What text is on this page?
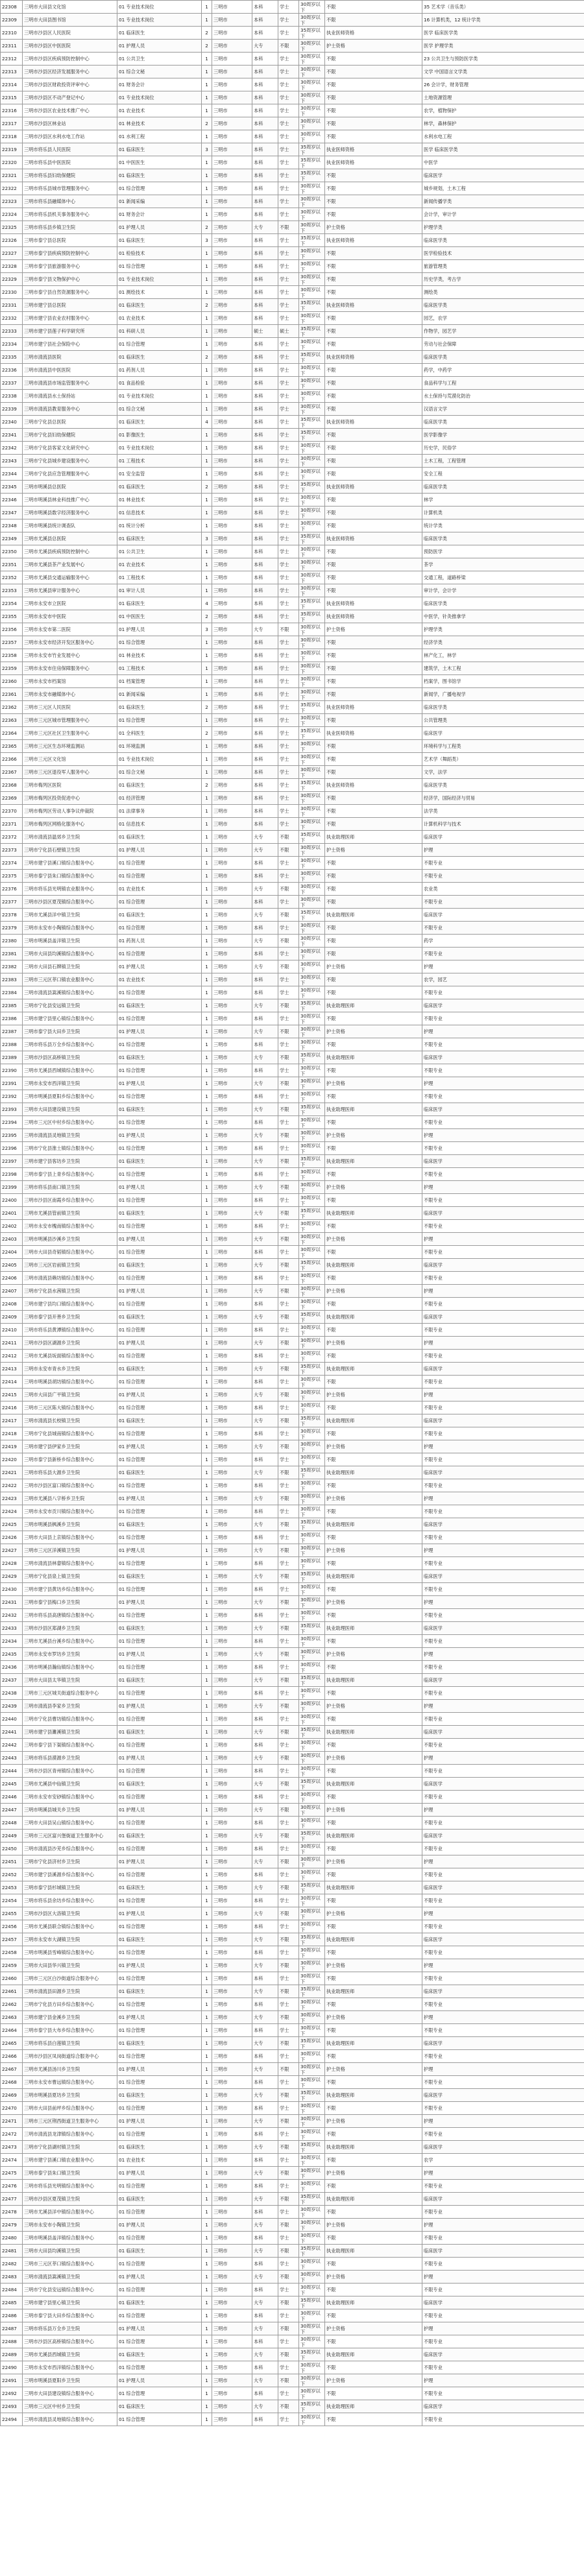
22308	三明市大田县文化馆	01 专业技术岗位	1	三明市	本科	学士	30周岁以下	不限	35 艺术学（音乐类）
22309	三明市大田县图书馆	01 专业技术岗位	1	三明市	本科	学士	30周岁以下	不限	16 计算机类，12 统计学类
22310	三明市沙县区人民医院	01 临床医生	2	三明市	本科	学士	35周岁以下	执业医师资格	医学 临床医学类
22311	三明市沙县区中医医院	01 护理人员	2	三明市	大专	不限	30周岁以下	护士资格	医学 护理学类
22312	三明市沙县区疾病预防控制中心	01 公共卫生	1	三明市	本科	学士	30周岁以下	不限	23 公共卫生与预防医学类
22313	三明市沙县区经济发展服务中心	01 综合文秘	1	三明市	本科	学士	30周岁以下	不限	文学 中国语言文学类
22314	三明市沙县区财政投资评审中心	01 财务会计	1	三明市	本科	学士	30周岁以下	不限	26 会计学，财务管理
22315	三明市沙县区不动产登记中心	01 专业技术岗位	1	三明市	本科	学士	30周岁以下	不限	土地资源管理
22316	三明市沙县区农业技术推广中心	01 农业技术	1	三明市	本科	学士	30周岁以下	不限	农学，植物保护
22317	三明市沙县区林业站	01 林业技术	2	三明市	本科	学士	30周岁以下	不限	林学，森林保护
22318	三明市沙县区水利水电工作站	01 水利工程	1	三明市	本科	学士	30周岁以下	不限	水利水电工程
22319	三明市将乐县人民医院	01 临床医生	3	三明市	本科	学士	35周岁以下	执业医师资格	医学 临床医学类
22320	三明市将乐县中医医院	01 中医医生	1	三明市	本科	学士	35周岁以下	执业医师资格	中医学
22321	三明市将乐县妇幼保健院	01 临床医生	1	三明市	本科	学士	35周岁以下	不限	临床医学
22322	三明市将乐县城市管理服务中心	01 综合管理	1	三明市	本科	学士	30周岁以下	不限	城乡规划，土木工程
22323	三明市将乐县融媒体中心	01 新闻采编	1	三明市	本科	学士	30周岁以下	不限	新闻传播学类
22324	三明市将乐县机关事务服务中心	01 财务会计	1	三明市	本科	学士	30周岁以下	不限	会计学，审计学
22325	三明市将乐县乡镇卫生院	01 护理人员	2	三明市	大专	不限	30周岁以下	护士资格	护理学类
22326	三明市泰宁县总医院	01 临床医生	3	三明市	本科	学士	35周岁以下	执业医师资格	临床医学类
22327	三明市泰宁县疾病预防控制中心	01 检验技术	1	三明市	本科	学士	30周岁以下	不限	医学检验技术
22328	三明市泰宁县旅游服务中心	01 综合管理	1	三明市	本科	学士	30周岁以下	不限	旅游管理类
22329	三明市泰宁县文物保护中心	01 专业技术岗位	1	三明市	本科	学士	30周岁以下	不限	历史学类，考古学
22330	三明市泰宁县自然资源服务中心	01 测绘技术	1	三明市	本科	学士	30周岁以下	不限	测绘类
22331	三明市建宁县总医院	01 临床医生	2	三明市	本科	学士	35周岁以下	执业医师资格	临床医学类
22332	三明市建宁县农业农村服务中心	01 农业技术	1	三明市	本科	学士	30周岁以下	不限	园艺，农学
22333	三明市建宁县莲子科学研究所	01 科研人员	1	三明市	硕士	硕士	35周岁以下	不限	作物学，园艺学
22334	三明市建宁县社会保险中心	01 综合管理	1	三明市	本科	学士	30周岁以下	不限	劳动与社会保障
22335	三明市清流县医院	01 临床医生	2	三明市	本科	学士	35周岁以下	执业医师资格	临床医学类
22336	三明市清流县中医医院	01 药剂人员	1	三明市	本科	学士	30周岁以下	不限	药学，中药学
22337	三明市清流县市场监管服务中心	01 食品检验	1	三明市	本科	学士	30周岁以下	不限	食品科学与工程
22338	三明市清流县水土保持站	01 专业技术岗位	1	三明市	本科	学士	30周岁以下	不限	水土保持与荒漠化防治
22339	三明市清流县教育服务中心	01 综合文秘	1	三明市	本科	学士	30周岁以下	不限	汉语言文学
22340	三明市宁化县总医院	01 临床医生	4	三明市	本科	学士	35周岁以下	执业医师资格	临床医学类
22341	三明市宁化县妇幼保健院	01 影像医生	1	三明市	本科	学士	35周岁以下	不限	医学影像学
22342	三明市宁化县客家文化研究中心	01 专业技术岗位	1	三明市	本科	学士	30周岁以下	不限	历史学，民俗学
22343	三明市宁化县城乡建设服务中心	01 工程技术	1	三明市	本科	学士	30周岁以下	不限	土木工程，工程管理
22344	三明市宁化县应急管理服务中心	01 安全监管	1	三明市	本科	学士	30周岁以下	不限	安全工程
22345	三明市明溪县总医院	01 临床医生	2	三明市	本科	学士	35周岁以下	执业医师资格	临床医学类
22346	三明市明溪县林业科技推广中心	01 林业技术	1	三明市	本科	学士	30周岁以下	不限	林学
22347	三明市明溪县数字经济服务中心	01 信息技术	1	三明市	本科	学士	30周岁以下	不限	计算机类
22348	三明市明溪县统计调查队	01 统计分析	1	三明市	本科	学士	30周岁以下	不限	统计学类
22349	三明市尤溪县总医院	01 临床医生	3	三明市	本科	学士	35周岁以下	执业医师资格	临床医学类
22350	三明市尤溪县疾病预防控制中心	01 公共卫生	1	三明市	本科	学士	30周岁以下	不限	预防医学
22351	三明市尤溪县茶产业发展中心	01 农业技术	1	三明市	本科	学士	30周岁以下	不限	茶学
22352	三明市尤溪县交通运输服务中心	01 工程技术	1	三明市	本科	学士	30周岁以下	不限	交通工程，道路桥梁
22353	三明市尤溪县审计服务中心	01 审计人员	1	三明市	本科	学士	30周岁以下	不限	审计学，会计学
22354	三明市永安市立医院	01 临床医生	4	三明市	本科	学士	35周岁以下	执业医师资格	临床医学类
22355	三明市永安市中医院	01 中医医生	2	三明市	本科	学士	35周岁以下	执业医师资格	中医学，针灸推拿学
22356	三明市永安市第二医院	01 护理人员	3	三明市	大专	不限	30周岁以下	护士资格	护理学类
22357	三明市永安市经济开发区服务中心	01 综合管理	1	三明市	本科	学士	30周岁以下	不限	经济学类
22358	三明市永安市竹业发展中心	01 林业技术	1	三明市	本科	学士	30周岁以下	不限	林产化工，林学
22359	三明市永安市住房保障服务中心	01 工程技术	1	三明市	本科	学士	30周岁以下	不限	建筑学，土木工程
22360	三明市永安市档案馆	01 档案管理	1	三明市	本科	学士	30周岁以下	不限	档案学，图书馆学
22361	三明市永安市融媒体中心	01 新闻采编	1	三明市	本科	学士	30周岁以下	不限	新闻学，广播电视学
22362	三明市三元区人民医院	01 临床医生	2	三明市	本科	学士	35周岁以下	执业医师资格	临床医学类
22363	三明市三元区城市管理服务中心	01 综合管理	1	三明市	本科	学士	30周岁以下	不限	公共管理类
22364	三明市三元区社区卫生服务中心	01 全科医生	2	三明市	本科	学士	35周岁以下	执业医师资格	临床医学
22365	三明市三元区生态环境监测站	01 环境监测	1	三明市	本科	学士	30周岁以下	不限	环境科学与工程类
22366	三明市三元区文化馆	01 专业技术岗位	1	三明市	本科	学士	30周岁以下	不限	艺术学（舞蹈类）
22367	三明市三元区退役军人服务中心	01 综合文秘	1	三明市	本科	学士	30周岁以下	不限	文学，法学
22368	三明市梅列区医院	01 临床医生	2	三明市	本科	学士	35周岁以下	执业医师资格	临床医学类
22369	三明市梅列区投资促进中心	01 经济管理	1	三明市	本科	学士	30周岁以下	不限	经济学，国际经济与贸易
22370	三明市梅列区劳动人事争议仲裁院	01 法律事务	1	三明市	本科	学士	30周岁以下	不限	法学类
22371	三明市梅列区网格化服务中心	01 信息技术	1	三明市	本科	学士	30周岁以下	不限	计算机科学与技术
22372	三明市清流县温郊乡卫生院	01 临床医生	1	三明市	大专	不限	35周岁以下	执业助理医师	临床医学
22373	三明市宁化县石壁镇卫生院	01 护理人员	1	三明市	大专	不限	30周岁以下	护士资格	护理
22374	三明市建宁县溪口镇综合服务中心	01 综合管理	1	三明市	本科	学士	30周岁以下	不限	不限专业
22375	三明市泰宁县朱口镇综合服务中心	01 综合管理	1	三明市	本科	学士	30周岁以下	不限	不限专业
22376	三明市将乐县光明镇农业服务中心	01 农业技术	1	三明市	大专	不限	30周岁以下	不限	农业类
22377	三明市沙县区夏茂镇综合服务中心	01 综合管理	1	三明市	本科	学士	30周岁以下	不限	不限专业
22378	三明市尤溪县洋中镇卫生院	01 临床医生	1	三明市	大专	不限	35周岁以下	执业助理医师	临床医学
22379	三明市永安市小陶镇综合服务中心	01 综合管理	1	三明市	本科	学士	30周岁以下	不限	不限专业
22380	三明市明溪县盖洋镇卫生院	01 药剂人员	1	三明市	大专	不限	30周岁以下	不限	药学
22381	三明市大田县均溪镇综合服务中心	01 综合管理	1	三明市	本科	学士	30周岁以下	不限	不限专业
22382	三明市大田县石牌镇卫生院	01 护理人员	1	三明市	大专	不限	30周岁以下	护士资格	护理
22383	三明市三元区莘口镇农业服务中心	01 农业技术	1	三明市	本科	学士	30周岁以下	不限	农学，园艺
22384	三明市清流县嵩溪镇综合服务中心	01 综合管理	1	三明市	本科	学士	30周岁以下	不限	不限专业
22385	三明市宁化县安远镇卫生院	01 临床医生	1	三明市	大专	不限	35周岁以下	执业助理医师	临床医学
22386	三明市建宁县里心镇综合服务中心	01 综合管理	1	三明市	本科	学士	30周岁以下	不限	不限专业
22387	三明市泰宁县大田乡卫生院	01 护理人员	1	三明市	大专	不限	30周岁以下	护士资格	护理
22388	三明市将乐县万全乡综合服务中心	01 综合管理	1	三明市	本科	学士	30周岁以下	不限	不限专业
22389	三明市沙县区高桥镇卫生院	01 临床医生	1	三明市	大专	不限	35周岁以下	执业助理医师	临床医学
22390	三明市尤溪县西城镇综合服务中心	01 综合管理	1	三明市	本科	学士	30周岁以下	不限	不限专业
22391	三明市永安市西洋镇卫生院	01 护理人员	1	三明市	大专	不限	30周岁以下	护士资格	护理
22392	三明市明溪县夏阳乡综合服务中心	01 综合管理	1	三明市	本科	学士	30周岁以下	不限	不限专业
22393	三明市大田县建设镇卫生院	01 临床医生	1	三明市	大专	不限	35周岁以下	执业助理医师	临床医学
22394	三明市三元区中村乡综合服务中心	01 综合管理	1	三明市	本科	学士	30周岁以下	不限	不限专业
22395	三明市清流县灵地镇卫生院	01 护理人员	1	三明市	大专	不限	30周岁以下	护士资格	护理
22396	三明市宁化县淮土镇综合服务中心	01 综合管理	1	三明市	本科	学士	30周岁以下	不限	不限专业
22397	三明市建宁县客坊乡卫生院	01 临床医生	1	三明市	大专	不限	35周岁以下	执业助理医师	临床医学
22398	三明市泰宁县上青乡综合服务中心	01 综合管理	1	三明市	本科	学士	30周岁以下	不限	不限专业
22399	三明市将乐县南口镇卫生院	01 护理人员	1	三明市	大专	不限	30周岁以下	护士资格	护理
22400	三明市沙县区南霞乡综合服务中心	01 综合管理	1	三明市	本科	学士	30周岁以下	不限	不限专业
22401	三明市尤溪县管前镇卫生院	01 临床医生	1	三明市	大专	不限	35周岁以下	执业助理医师	临床医学
22402	三明市永安市槐南镇综合服务中心	01 综合管理	1	三明市	本科	学士	30周岁以下	不限	不限专业
22403	三明市明溪县沙溪乡卫生院	01 护理人员	1	三明市	大专	不限	30周岁以下	护士资格	护理
22404	三明市大田县奇韬镇综合服务中心	01 综合管理	1	三明市	本科	学士	30周岁以下	不限	不限专业
22405	三明市三元区岩前镇卫生院	01 临床医生	1	三明市	大专	不限	35周岁以下	执业助理医师	临床医学
22406	三明市清流县赖坊镇综合服务中心	01 综合管理	1	三明市	本科	学士	30周岁以下	不限	不限专业
22407	三明市宁化县水茜镇卫生院	01 护理人员	1	三明市	大专	不限	30周岁以下	护士资格	护理
22408	三明市建宁县均口镇综合服务中心	01 综合管理	1	三明市	本科	学士	30周岁以下	不限	不限专业
22409	三明市泰宁县开善乡卫生院	01 临床医生	1	三明市	大专	不限	35周岁以下	执业助理医师	临床医学
22410	三明市将乐县黄潭镇综合服务中心	01 综合管理	1	三明市	本科	学士	30周岁以下	不限	不限专业
22411	三明市沙县区湖源乡卫生院	01 护理人员	1	三明市	大专	不限	30周岁以下	护士资格	护理
22412	三明市尤溪县坂面镇综合服务中心	01 综合管理	1	三明市	本科	学士	30周岁以下	不限	不限专业
22413	三明市永安市青水乡卫生院	01 临床医生	1	三明市	大专	不限	35周岁以下	执业助理医师	临床医学
22414	三明市明溪县胡坊镇综合服务中心	01 综合管理	1	三明市	本科	学士	30周岁以下	不限	不限专业
22415	三明市大田县广平镇卫生院	01 护理人员	1	三明市	大专	不限	30周岁以下	护士资格	护理
22416	三明市三元区陈大镇综合服务中心	01 综合管理	1	三明市	本科	学士	30周岁以下	不限	不限专业
22417	三明市清流县长校镇卫生院	01 临床医生	1	三明市	大专	不限	35周岁以下	执业助理医师	临床医学
22418	三明市宁化县城南镇综合服务中心	01 综合管理	1	三明市	本科	学士	30周岁以下	不限	不限专业
22419	三明市建宁县伊家乡卫生院	01 护理人员	1	三明市	大专	不限	30周岁以下	护士资格	护理
22420	三明市泰宁县新桥乡综合服务中心	01 综合管理	1	三明市	本科	学士	30周岁以下	不限	不限专业
22421	三明市将乐县大源乡卫生院	01 临床医生	1	三明市	大专	不限	35周岁以下	执业助理医师	临床医学
22422	三明市沙县区富口镇综合服务中心	01 综合管理	1	三明市	本科	学士	30周岁以下	不限	不限专业
22423	三明市尤溪县八字桥乡卫生院	01 护理人员	1	三明市	大专	不限	30周岁以下	护士资格	护理
22424	三明市永安市贡川镇综合服务中心	01 综合管理	1	三明市	本科	学士	30周岁以下	不限	不限专业
22425	三明市明溪县枫溪乡卫生院	01 临床医生	1	三明市	大专	不限	35周岁以下	执业助理医师	临床医学
22426	三明市大田县上京镇综合服务中心	01 综合管理	1	三明市	本科	学士	30周岁以下	不限	不限专业
22427	三明市三元区洋溪镇卫生院	01 护理人员	1	三明市	大专	不限	30周岁以下	护士资格	护理
22428	三明市清流县林畲镇综合服务中心	01 综合管理	1	三明市	本科	学士	30周岁以下	不限	不限专业
22429	三明市宁化县泉上镇卫生院	01 临床医生	1	三明市	大专	不限	35周岁以下	执业助理医师	临床医学
22430	三明市建宁县黄坊乡综合服务中心	01 综合管理	1	三明市	本科	学士	30周岁以下	不限	不限专业
22431	三明市泰宁县梅口乡卫生院	01 护理人员	1	三明市	大专	不限	30周岁以下	护士资格	护理
22432	三明市将乐县高唐镇综合服务中心	01 综合管理	1	三明市	本科	学士	30周岁以下	不限	不限专业
22433	三明市沙县区郑湖乡卫生院	01 临床医生	1	三明市	大专	不限	35周岁以下	执业助理医师	临床医学
22434	三明市尤溪县台溪乡综合服务中心	01 综合管理	1	三明市	本科	学士	30周岁以下	不限	不限专业
22435	三明市永安市罗坊乡卫生院	01 护理人员	1	三明市	大专	不限	30周岁以下	护士资格	护理
22436	三明市明溪县瀚仙镇综合服务中心	01 综合管理	1	三明市	本科	学士	30周岁以下	不限	不限专业
22437	三明市大田县太华镇卫生院	01 临床医生	1	三明市	大专	不限	35周岁以下	执业助理医师	临床医学
22438	三明市三元区城关街道综合服务中心	01 综合管理	1	三明市	本科	学士	30周岁以下	不限	不限专业
22439	三明市清流县李家乡卫生院	01 护理人员	1	三明市	大专	不限	30周岁以下	护士资格	护理
22440	三明市宁化县曹坊镇综合服务中心	01 综合管理	1	三明市	本科	学士	30周岁以下	不限	不限专业
22441	三明市建宁县濉溪镇卫生院	01 临床医生	1	三明市	大专	不限	35周岁以下	执业助理医师	临床医学
22442	三明市泰宁县下渠镇综合服务中心	01 综合管理	1	三明市	本科	学士	30周岁以下	不限	不限专业
22443	三明市将乐县漠源乡卫生院	01 护理人员	1	三明市	大专	不限	30周岁以下	护士资格	护理
22444	三明市沙县区青州镇综合服务中心	01 综合管理	1	三明市	本科	学士	30周岁以下	不限	不限专业
22445	三明市尤溪县中仙镇卫生院	01 临床医生	1	三明市	大专	不限	35周岁以下	执业助理医师	临床医学
22446	三明市永安市安砂镇综合服务中心	01 综合管理	1	三明市	本科	学士	30周岁以下	不限	不限专业
22447	三明市明溪县城关乡卫生院	01 护理人员	1	三明市	大专	不限	30周岁以下	护士资格	护理
22448	三明市大田县吴山镇综合服务中心	01 综合管理	1	三明市	本科	学士	30周岁以下	不限	不限专业
22449	三明市三元区富兴堡街道卫生服务中心	01 临床医生	1	三明市	大专	不限	35周岁以下	执业助理医师	临床医学
22450	三明市清流县沙芜乡综合服务中心	01 综合管理	1	三明市	本科	学士	30周岁以下	不限	不限专业
22451	三明市宁化县济村乡卫生院	01 护理人员	1	三明市	大专	不限	30周岁以下	护士资格	护理
22452	三明市建宁县溪源乡综合服务中心	01 综合管理	1	三明市	本科	学士	30周岁以下	不限	不限专业
22453	三明市泰宁县杉城镇卫生院	01 临床医生	1	三明市	大专	不限	35周岁以下	执业助理医师	临床医学
22454	三明市将乐县余坊乡综合服务中心	01 综合管理	1	三明市	本科	学士	30周岁以下	不限	不限专业
22455	三明市沙县区大洛镇卫生院	01 护理人员	1	三明市	大专	不限	30周岁以下	护士资格	护理
22456	三明市尤溪县联合镇综合服务中心	01 综合管理	1	三明市	本科	学士	30周岁以下	不限	不限专业
22457	三明市永安市大湖镇卫生院	01 临床医生	1	三明市	大专	不限	35周岁以下	执业助理医师	临床医学
22458	三明市明溪县雪峰镇综合服务中心	01 综合管理	1	三明市	本科	学士	30周岁以下	不限	不限专业
22459	三明市大田县华兴镇卫生院	01 护理人员	1	三明市	大专	不限	30周岁以下	护士资格	护理
22460	三明市三元区白沙街道综合服务中心	01 综合管理	1	三明市	本科	学士	30周岁以下	不限	不限专业
22461	三明市清流县田源乡卫生院	01 临床医生	1	三明市	大专	不限	35周岁以下	执业助理医师	临床医学
22462	三明市宁化县方田乡综合服务中心	01 综合管理	1	三明市	本科	学士	30周岁以下	不限	不限专业
22463	三明市建宁县金溪乡卫生院	01 护理人员	1	三明市	大专	不限	30周岁以下	护士资格	护理
22464	三明市泰宁县大布乡综合服务中心	01 综合管理	1	三明市	本科	学士	30周岁以下	不限	不限专业
22465	三明市将乐县白莲镇卫生院	01 临床医生	1	三明市	大专	不限	35周岁以下	执业助理医师	临床医学
22466	三明市沙县区凤岗街道综合服务中心	01 综合管理	1	三明市	本科	学士	30周岁以下	不限	不限专业
22467	三明市尤溪县汤川乡卫生院	01 护理人员	1	三明市	大专	不限	30周岁以下	护士资格	护理
22468	三明市永安市曹远镇综合服务中心	01 综合管理	1	三明市	本科	学士	30周岁以下	不限	不限专业
22469	三明市明溪县夏坊乡卫生院	01 临床医生	1	三明市	大专	不限	35周岁以下	执业助理医师	临床医学
22470	三明市大田县前坪乡综合服务中心	01 综合管理	1	三明市	本科	学士	30周岁以下	不限	不限专业
22471	三明市三元区荆西街道卫生服务中心	01 护理人员	1	三明市	大专	不限	30周岁以下	护士资格	护理
22472	三明市清流县龙津镇综合服务中心	01 综合管理	1	三明市	本科	学士	30周岁以下	不限	不限专业
22473	三明市宁化县湖村镇卫生院	01 临床医生	1	三明市	大专	不限	35周岁以下	执业助理医师	临床医学
22474	三明市建宁县溪口镇农业服务中心	01 农业技术	1	三明市	本科	学士	30周岁以下	不限	农学
22475	三明市泰宁县朱口镇卫生院	01 护理人员	1	三明市	大专	不限	30周岁以下	护士资格	护理
22476	三明市将乐县光明镇综合服务中心	01 综合管理	1	三明市	本科	学士	30周岁以下	不限	不限专业
22477	三明市沙县区夏茂镇卫生院	01 临床医生	1	三明市	大专	不限	35周岁以下	执业助理医师	临床医学
22478	三明市尤溪县洋中镇综合服务中心	01 综合管理	1	三明市	本科	学士	30周岁以下	不限	不限专业
22479	三明市永安市小陶镇卫生院	01 护理人员	1	三明市	大专	不限	30周岁以下	护士资格	护理
22480	三明市明溪县盖洋镇综合服务中心	01 综合管理	1	三明市	本科	学士	30周岁以下	不限	不限专业
22481	三明市大田县均溪镇卫生院	01 临床医生	1	三明市	大专	不限	35周岁以下	执业助理医师	临床医学
22482	三明市三元区莘口镇综合服务中心	01 综合管理	1	三明市	本科	学士	30周岁以下	不限	不限专业
22483	三明市清流县嵩溪镇卫生院	01 护理人员	1	三明市	大专	不限	30周岁以下	护士资格	护理
22484	三明市宁化县安远镇综合服务中心	01 综合管理	1	三明市	本科	学士	30周岁以下	不限	不限专业
22485	三明市建宁县里心镇卫生院	01 临床医生	1	三明市	大专	不限	35周岁以下	执业助理医师	临床医学
22486	三明市泰宁县大田乡综合服务中心	01 综合管理	1	三明市	本科	学士	30周岁以下	不限	不限专业
22487	三明市将乐县万全乡卫生院	01 护理人员	1	三明市	大专	不限	30周岁以下	护士资格	护理
22488	三明市沙县区高桥镇综合服务中心	01 综合管理	1	三明市	本科	学士	30周岁以下	不限	不限专业
22489	三明市尤溪县西城镇卫生院	01 临床医生	1	三明市	大专	不限	35周岁以下	执业助理医师	临床医学
22490	三明市永安市西洋镇综合服务中心	01 综合管理	1	三明市	本科	学士	30周岁以下	不限	不限专业
22491	三明市明溪县夏阳乡卫生院	01 护理人员	1	三明市	大专	不限	30周岁以下	护士资格	护理
22492	三明市大田县建设镇综合服务中心	01 综合管理	1	三明市	本科	学士	30周岁以下	不限	不限专业
22493	三明市三元区中村乡卫生院	01 临床医生	1	三明市	大专	不限	35周岁以下	执业助理医师	临床医学
22494	三明市清流县灵地镇综合服务中心	01 综合管理	1	三明市	本科	学士	30周岁以下	不限	不限专业
